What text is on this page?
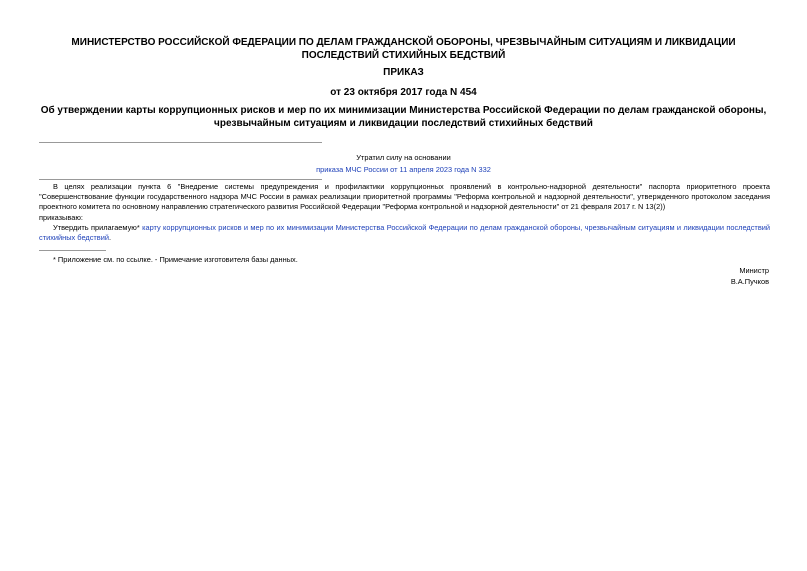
МИНИСТЕРСТВО РОССИЙСКОЙ ФЕДЕРАЦИИ ПО ДЕЛАМ ГРАЖДАНСКОЙ ОБОРОНЫ, ЧРЕЗВЫЧАЙНЫМ СИТУАЦИЯМ И ЛИКВИДАЦИИ ПОСЛЕДСТВИЙ СТИХИЙНЫХ БЕДСТВИЙ
ПРИКАЗ
от 23 октября 2017 года N 454
Об утверждении карты коррупционных рисков и мер по их минимизации Министерства Российской Федерации по делам гражданской обороны, чрезвычайным ситуациям и ликвидации последствий стихийных бедствий
Утратил силу на основании
приказа МЧС России от 11 апреля 2023 года N 332
В целях реализации пункта 6 "Внедрение системы предупреждения и профилактики коррупционных проявлений в контрольно-надзорной деятельности" паспорта приоритетного проекта "Совершенствование функции государственного надзора МЧС России в рамках реализации приоритетной программы "Реформа контрольной и надзорной деятельности", утвержденного протоколом заседания проектного комитета по основному направлению стратегического развития Российской Федерации "Реформа контрольной и надзорной деятельности" от 21 февраля 2017 г. N 13(2))
приказываю:
Утвердить прилагаемую* карту коррупционных рисков и мер по их минимизации Министерства Российской Федерации по делам гражданской обороны, чрезвычайным ситуациям и ликвидации последствий стихийных бедствий.
* Приложение см. по ссылке. - Примечание изготовителя базы данных.
Министр
В.А.Пучков
